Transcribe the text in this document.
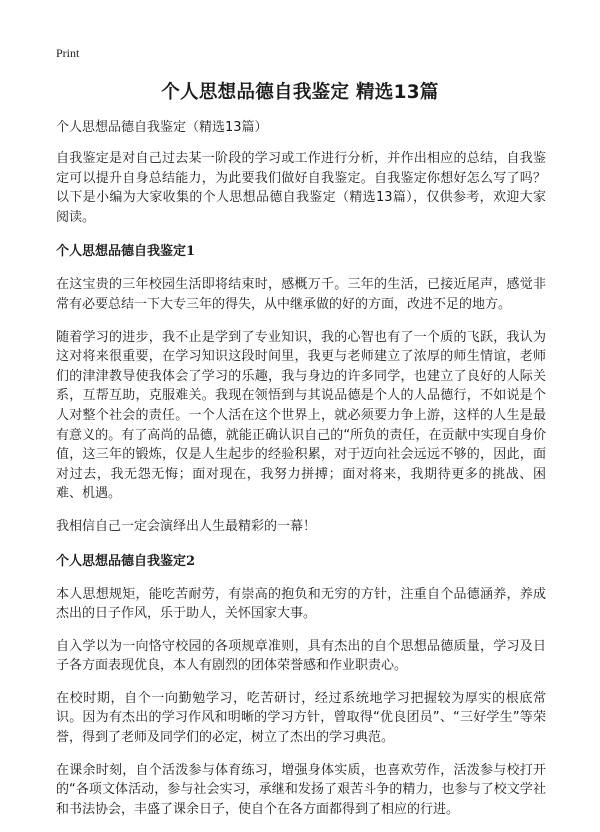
Print
个人思想品德自我鉴定 精选13篇
个人思想品德自我鉴定（精选13篇）

自我鉴定是对自己过去某一阶段的学习或工作进行分析，并作出相应的总结，自我鉴定可以提升自身总结能力，为此要我们做好自我鉴定。自我鉴定你想好怎么写了吗？以下是小编为大家收集的个人思想品德自我鉴定（精选13篇），仅供参考，欢迎大家阅读。

个人思想品德自我鉴定1

在这宝贵的三年校园生活即将结束时，感概万千。三年的生活，已接近尾声，感觉非常有必要总结一下大专三年的得失，从中继承做的好的方面，改进不足的地方。

随着学习的进步，我不止是学到了专业知识，我的心智也有了一个质的飞跃，我认为这对将来很重要，在学习知识这段时间里，我更与老师建立了浓厚的师生情谊，老师们的津津教导使我体会了学习的乐趣，我与身边的许多同学，也建立了良好的人际关系，互帮互助，克服难关。我现在领悟到与其说品德是个人的人品德行，不如说是个人对整个社会的责任。一个人活在这个世界上，就必须要力争上游，这样的人生是最有意义的。有了高尚的品德，就能正确认识自己的“所负的责任，在贡献中实现自身价值，这三年的锻炼，仅是人生起步的经验积累，对于迈向社会远远不够的，因此，面对过去，我无怨无悔；面对现在，我努力拼搏；面对将来，我期待更多的挑战、困难、机遇。

我相信自己一定会演绎出人生最精彩的一幕！

个人思想品德自我鉴定2

本人思想规矩，能吃苦耐劳，有崇高的抱负和无穷的方针，注重自个品德涵养，养成杰出的日子作风，乐于助人，关怀国家大事。

自入学以为一向恪守校园的各项规章准则，具有杰出的自个思想品德质量，学习及日子各方面表现优良，本人有剧烈的团体荣誉感和作业职责心。

在校时期，自个一向勤勉学习，吃苦研讨，经过系统地学习把握较为厚实的根底常识。因为有杰出的学习作风和明晰的学习方针，曾取得“优良团员”、“三好学生”等荣誉，得到了老师及同学们的必定，树立了杰出的学习典范。

在课余时刻，自个活泼参与体育练习，增强身体实质，也喜欢劳作，活泼参与校打开的“各项文体活动，参与社会实习，承继和发扬了艰苦斗争的精力，也参与了校文学社和书法协会，丰盛了课余日子，使自个在各方面都得到了相应的行进。
